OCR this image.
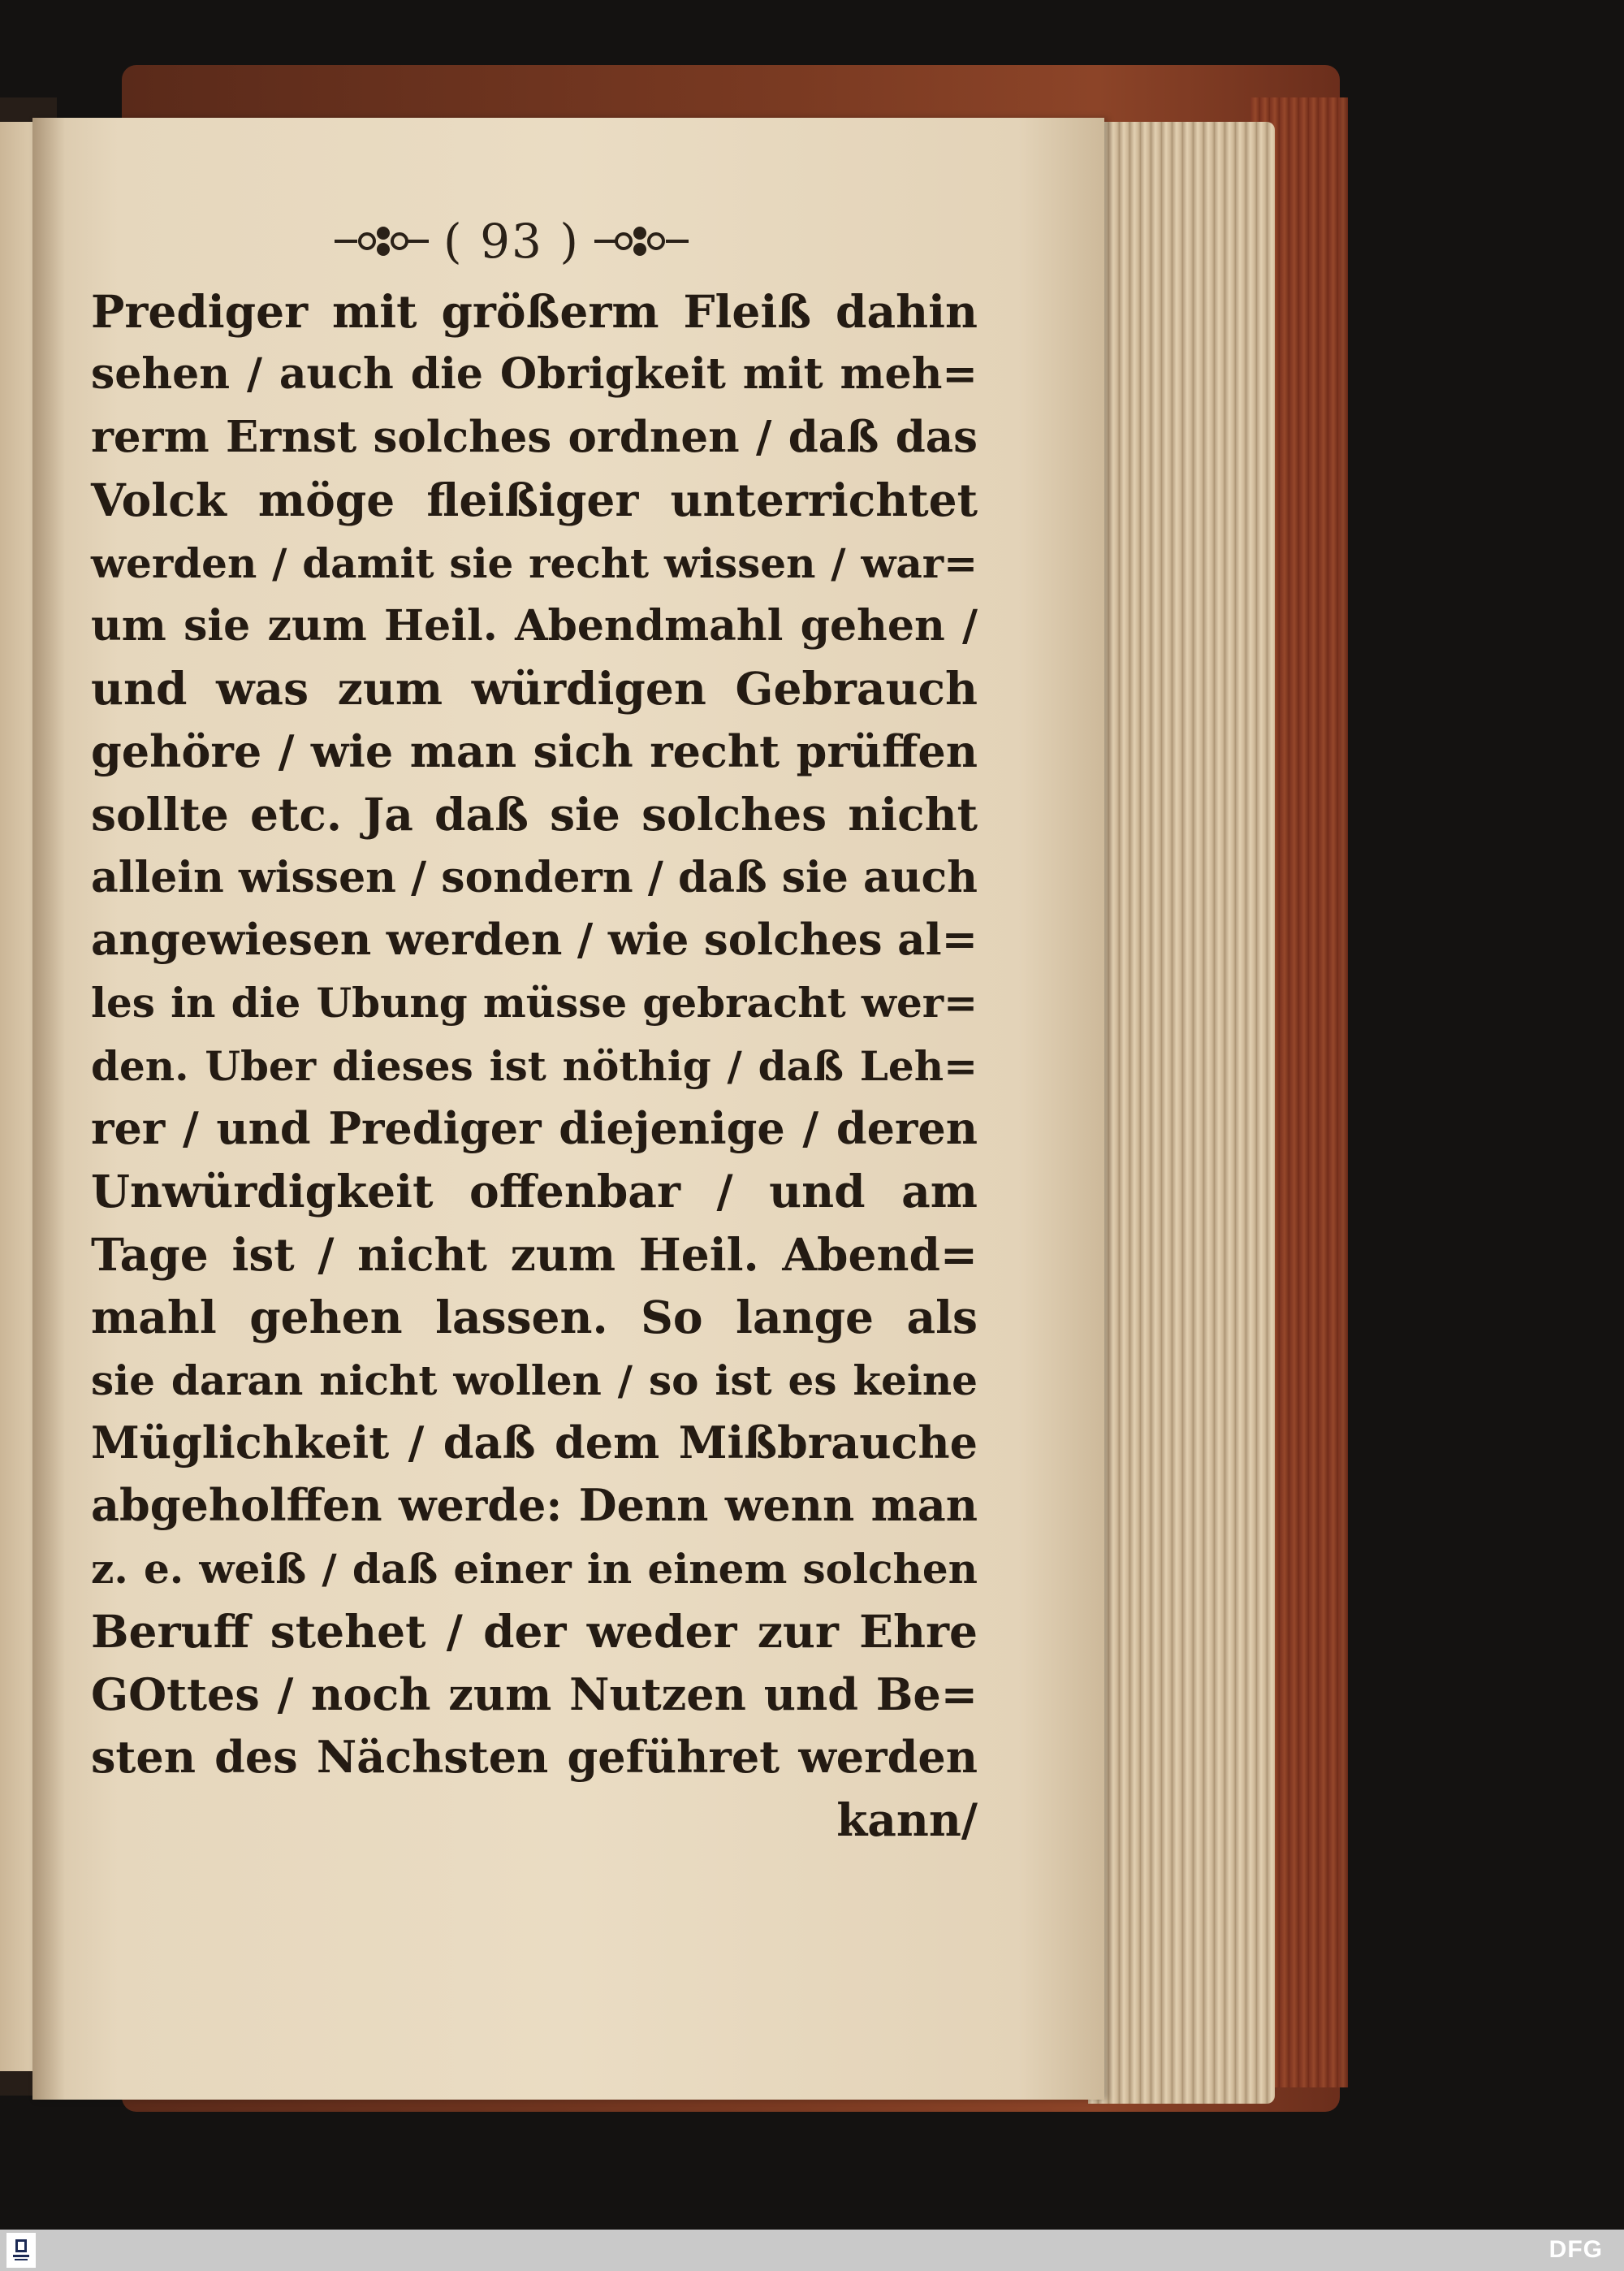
( 93 )
Prediger mit größerm Fleiß dahin
sehen / auch die Obrigkeit mit meh=
rerm Ernst solches ordnen / daß das
Volck möge fleißiger unterrichtet
werden / damit sie recht wissen / war=
um sie zum Heil. Abendmahl gehen /
und was zum würdigen Gebrauch
gehöre / wie man sich recht prüffen
sollte etc. Ja daß sie solches nicht
allein wissen / sondern / daß sie auch
angewiesen werden / wie solches al=
les in die Ubung müsse gebracht wer=
den. Uber dieses ist nöthig / daß Leh=
rer / und Prediger diejenige / deren
Unwürdigkeit offenbar / und am
Tage ist / nicht zum Heil. Abend=
mahl gehen lassen. So lange als
sie daran nicht wollen / so ist es keine
Müglichkeit / daß dem Mißbrauche
abgeholffen werde: Denn wenn man
z. e. weiß / daß einer in einem solchen
Beruff stehet / der weder zur Ehre
GOttes / noch zum Nutzen und Be=
sten des Nächsten geführet werden
kann/
DFG
